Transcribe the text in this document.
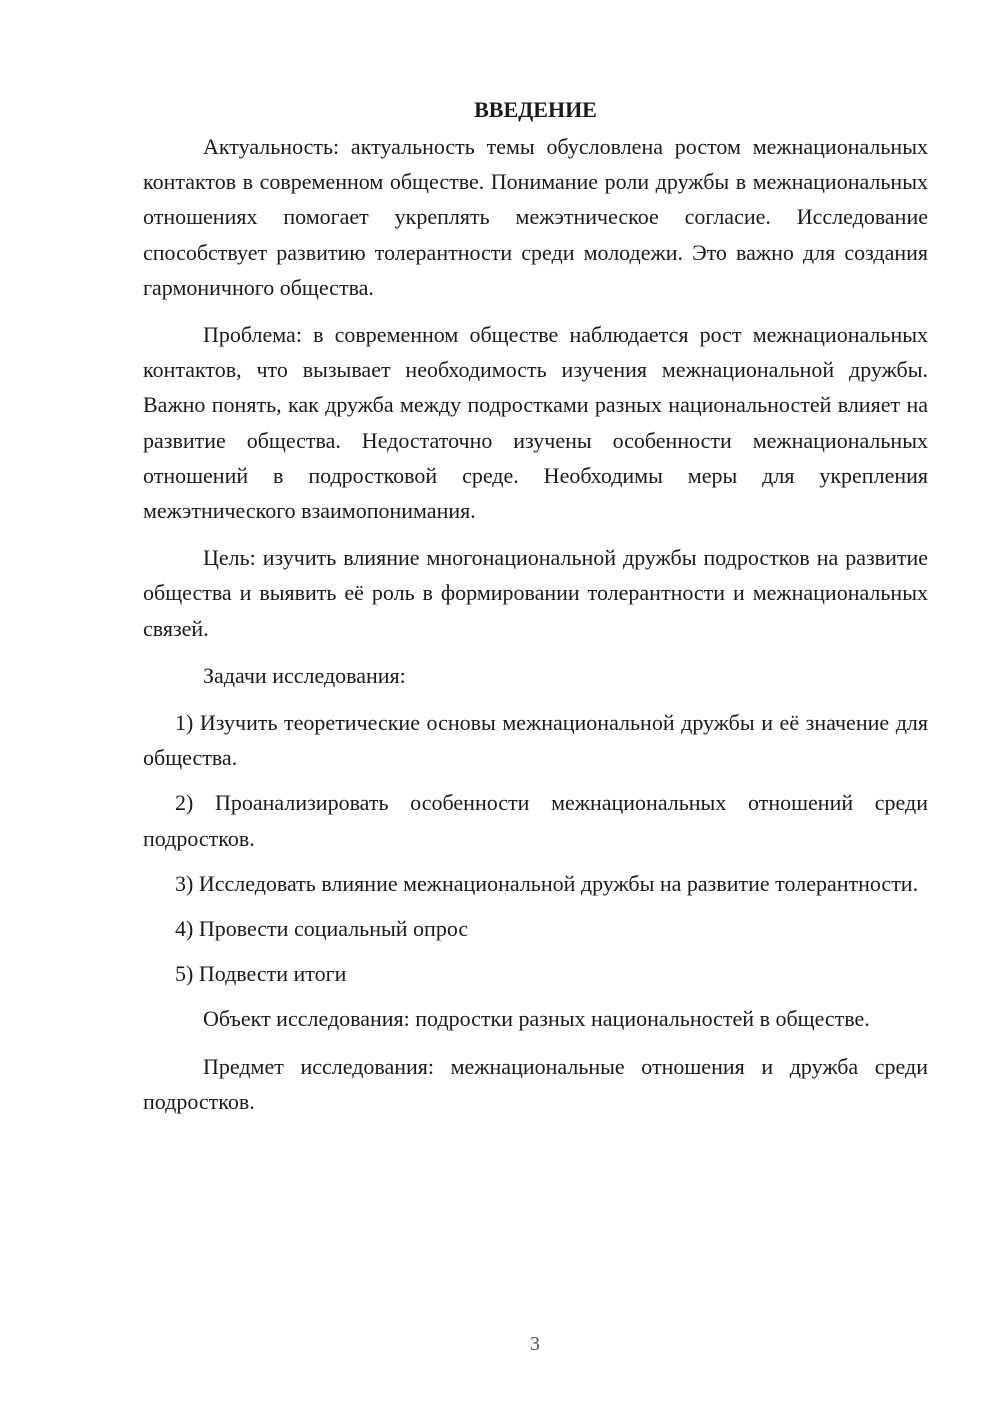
ВВЕДЕНИЕ

Актуальность: актуальность темы обусловлена ростом межнациональных контактов в современном обществе. Понимание роли дружбы в межнациональных отношениях помогает укреплять межэтническое согласие. Исследование способствует развитию толерантности среди молодежи. Это важно для создания гармоничного общества.

Проблема: в современном обществе наблюдается рост межнациональных контактов, что вызывает необходимость изучения межнациональной дружбы. Важно понять, как дружба между подростками разных национальностей влияет на развитие общества. Недостаточно изучены особенности межнациональных отношений в подростковой среде. Необходимы меры для укрепления межэтнического взаимопонимания.

Цель: изучить влияние многонациональной дружбы подростков на развитие общества и выявить её роль в формировании толерантности и межнациональных связей.

Задачи исследования:

1) Изучить теоретические основы межнациональной дружбы и её значение для общества.

2) Проанализировать особенности межнациональных отношений среди подростков.

3) Исследовать влияние межнациональной дружбы на развитие толерантности.

4) Провести социальный опрос

5) Подвести итоги

Объект исследования: подростки разных национальностей в обществе.

Предмет исследования: межнациональные отношения и дружба среди подростков.

3
